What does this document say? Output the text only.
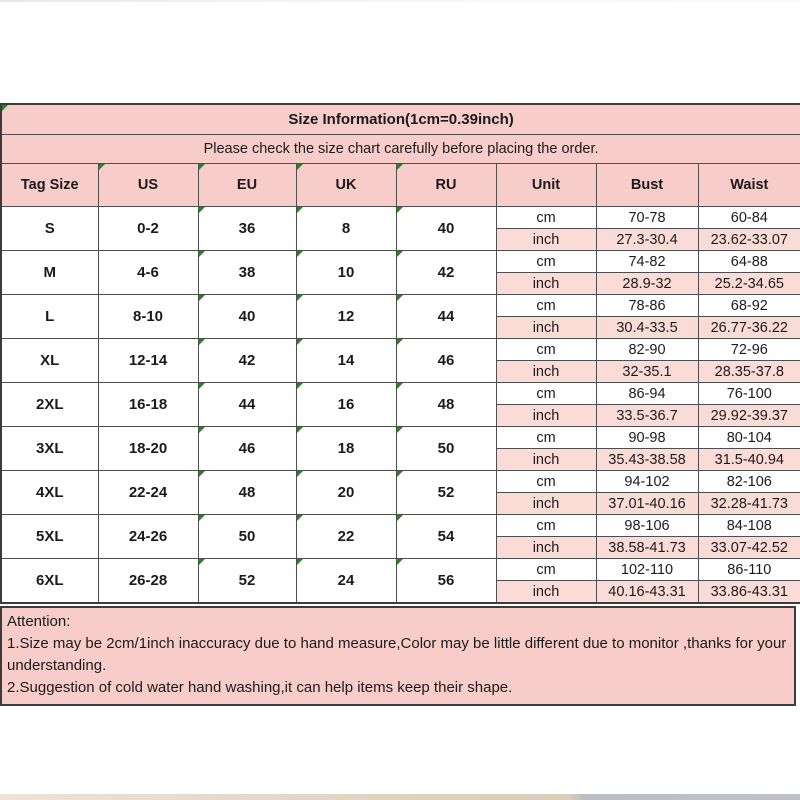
Size Information(1cm=0.39inch)							
Please check the size chart carefully before placing the order.							
Tag Size	US	EU	UK	RU	Unit	Bust	Waist
S	0-2	36	8	40	cm	70-78	60-84
					inch	27.3-30.4	23.62-33.07
M	4-6	38	10	42	cm	74-82	64-88
					inch	28.9-32	25.2-34.65
L	8-10	40	12	44	cm	78-86	68-92
					inch	30.4-33.5	26.77-36.22
XL	12-14	42	14	46	cm	82-90	72-96
					inch	32-35.1	28.35-37.8
2XL	16-18	44	16	48	cm	86-94	76-100
					inch	33.5-36.7	29.92-39.37
3XL	18-20	46	18	50	cm	90-98	80-104
					inch	35.43-38.58	31.5-40.94
4XL	22-24	48	20	52	cm	94-102	82-106
					inch	37.01-40.16	32.28-41.73
5XL	24-26	50	22	54	cm	98-106	84-108
					inch	38.58-41.73	33.07-42.52
6XL	26-28	52	24	56	cm	102-110	86-110
					inch	40.16-43.31	33.86-43.31
Attention:
1.Size may be 2cm/1inch inaccuracy due to hand measure,Color may be little different due to monitor ,thanks for your understanding.
2.Suggestion of cold water hand washing,it can help items keep their shape.
